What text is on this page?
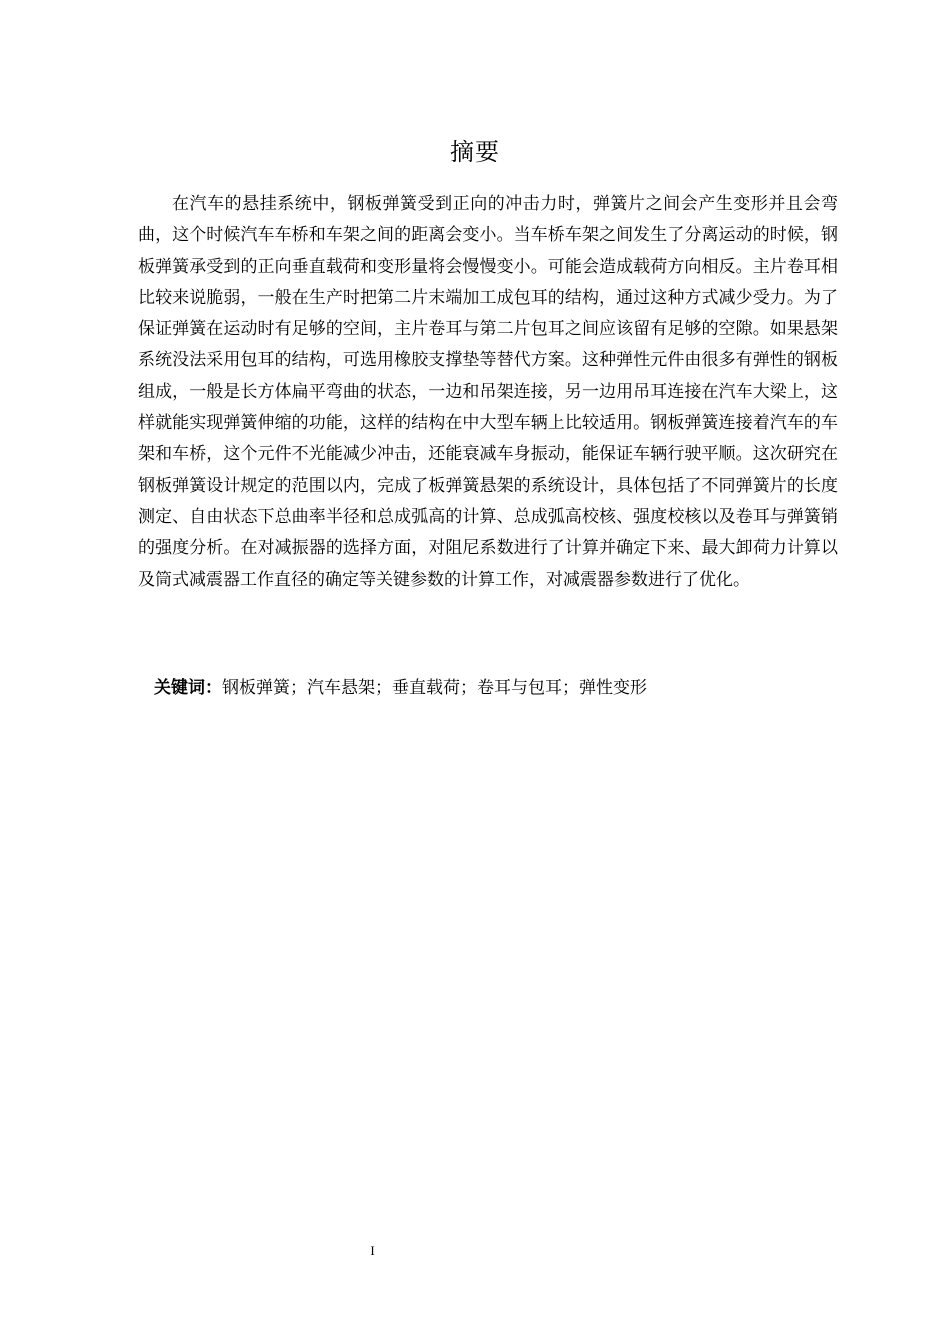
摘要

在汽车的悬挂系统中，钢板弹簧受到正向的冲击力时，弹簧片之间会产生变形并且会弯曲，这个时候汽车车桥和车架之间的距离会变小。当车桥车架之间发生了分离运动的时候，钢板弹簧承受到的正向垂直载荷和变形量将会慢慢变小。可能会造成载荷方向相反。主片卷耳相比较来说脆弱，一般在生产时把第二片末端加工成包耳的结构，通过这种方式减少受力。为了保证弹簧在运动时有足够的空间，主片卷耳与第二片包耳之间应该留有足够的空隙。如果悬架系统没法采用包耳的结构，可选用橡胶支撑垫等替代方案。这种弹性元件由很多有弹性的钢板组成，一般是长方体扁平弯曲的状态，一边和吊架连接，另一边用吊耳连接在汽车大梁上，这样就能实现弹簧伸缩的功能，这样的结构在中大型车辆上比较适用。钢板弹簧连接着汽车的车架和车桥，这个元件不光能减少冲击，还能衰减车身振动，能保证车辆行驶平顺。这次研究在钢板弹簧设计规定的范围以内，完成了板弹簧悬架的系统设计，具体包括了不同弹簧片的长度测定、自由状态下总曲率半径和总成弧高的计算、总成弧高校核、强度校核以及卷耳与弹簧销的强度分析。在对减振器的选择方面，对阻尼系数进行了计算并确定下来、最大卸荷力计算以及筒式减震器工作直径的确定等关键参数的计算工作，对减震器参数进行了优化。

关键词：钢板弹簧；汽车悬架；垂直载荷；卷耳与包耳；弹性变形
I
